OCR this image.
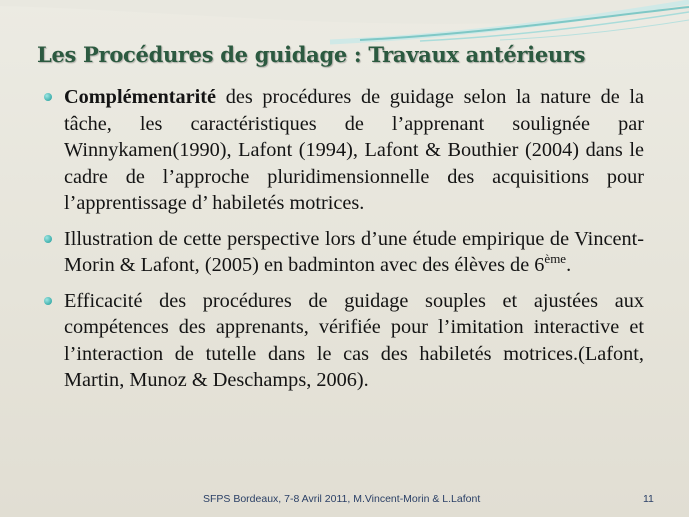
Les Procédures de guidage : Travaux antérieurs
Complémentarité des procédures de guidage selon la nature de la tâche, les caractéristiques de l’apprenant soulignée par Winnykamen(1990), Lafont (1994), Lafont & Bouthier (2004) dans le cadre de l’approche pluridimensionnelle des acquisitions pour l’apprentissage d’ habiletés motrices.
Illustration de cette perspective lors d’une étude empirique de Vincent-Morin & Lafont, (2005) en badminton avec des élèves de 6ème.
Efficacité des procédures de guidage souples et ajustées aux compétences des apprenants, vérifiée pour l’imitation interactive et l’interaction de tutelle dans le cas des habiletés motrices.(Lafont, Martin, Munoz & Deschamps, 2006).
SFPS Bordeaux, 7-8 Avril 2011, M.Vincent-Morin & L.Lafont	11
